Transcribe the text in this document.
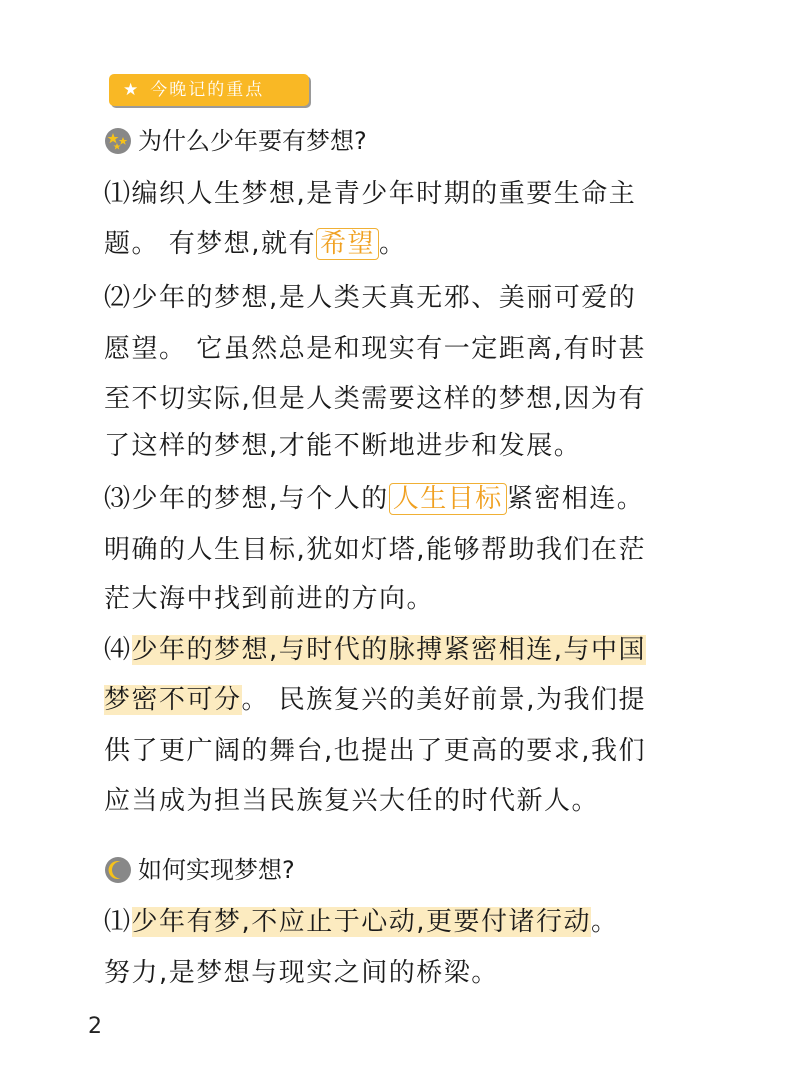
★ 今晚记的重点
为什么少年要有梦想?
⑴编织人生梦想,是青少年时期的重要生命主
题。 有梦想,就有 希望 。
⑵少年的梦想,是人类天真无邪、美丽可爱的
愿望。 它虽然总是和现实有一定距离,有时甚
至不切实际,但是人类需要这样的梦想,因为有
了这样的梦想,才能不断地进步和发展。
⑶少年的梦想,与个人的 人生目标 紧密相连。
明确的人生目标,犹如灯塔,能够帮助我们在茫
茫大海中找到前进的方向。
⑷少年的梦想,与时代的脉搏紧密相连,与中国
梦密不可分。 民族复兴的美好前景,为我们提
供了更广阔的舞台,也提出了更高的要求,我们
应当成为担当民族复兴大任的时代新人。
如何实现梦想?
⑴少年有梦,不应止于心动,更要付诸行动。
努力,是梦想与现实之间的桥梁。
2
